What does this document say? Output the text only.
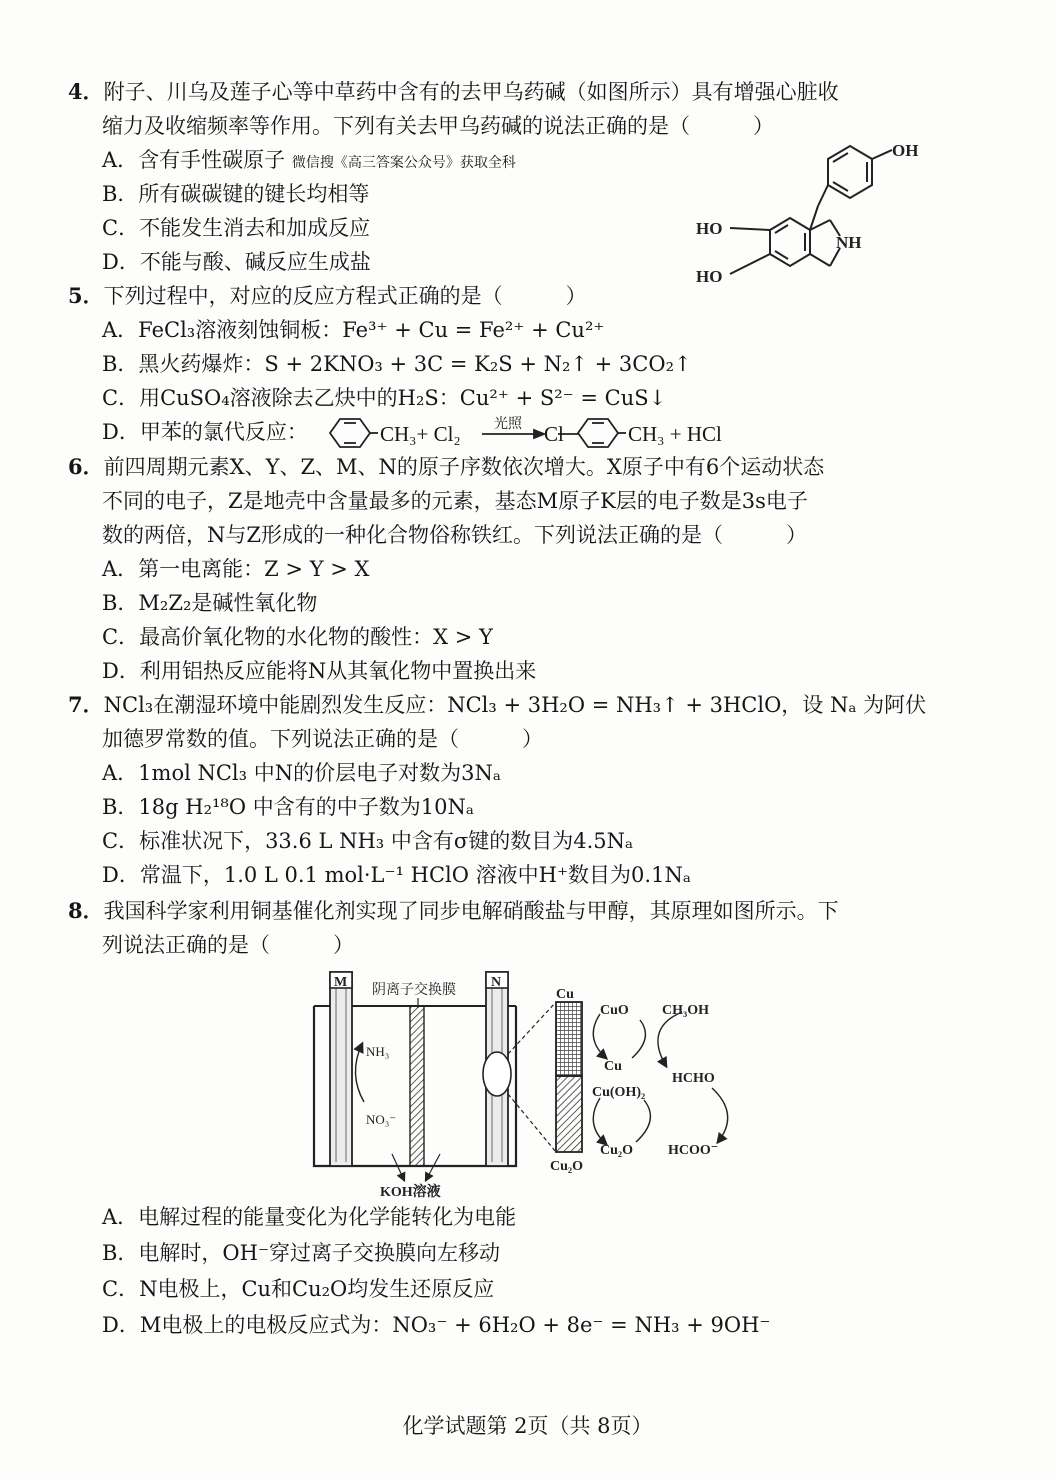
4．附子、川乌及莲子心等中草药中含有的去甲乌药碱（如图所示）具有增强心脏收
缩力及收缩频率等作用。下列有关去甲乌药碱的说法正确的是（　　　）
A．含有手性碳原子 微信搜《高三答案公众号》获取全科
B．所有碳碳键的键长均相等
C．不能发生消去和加成反应
D．不能与酸、碱反应生成盐
OH
HO
NH
HO
5．下列过程中，对应的反应方程式正确的是（　　　）
A．FeCl₃溶液刻蚀铜板：Fe³⁺ + Cu = Fe²⁺ + Cu²⁺
B．黑火药爆炸：S + 2KNO₃ + 3C = K₂S + N₂↑ + 3CO₂↑
C．用CuSO₄溶液除去乙炔中的H₂S：Cu²⁺ + S²⁻ = CuS↓
D．甲苯的氯代反应：	CH₃+ Cl₂ 光照 Cl	CH₃ + HCl
6．前四周期元素X、Y、Z、M、N的原子序数依次增大。X原子中有6个运动状态
不同的电子，Z是地壳中含量最多的元素，基态M原子K层的电子数是3s电子
数的两倍，N与Z形成的一种化合物俗称铁红。下列说法正确的是（　　　）
A．第一电离能：Z > Y > X
B．M₂Z₂是碱性氧化物
C．最高价氧化物的水化物的酸性：X > Y
D．利用铝热反应能将N从其氧化物中置换出来
7．NCl₃在潮湿环境中能剧烈发生反应：NCl₃ + 3H₂O = NH₃↑ + 3HClO，设 Nₐ 为阿伏
加德罗常数的值。下列说法正确的是（　　　）
A．1mol NCl₃ 中N的价层电子对数为3Nₐ
B．18g H₂¹⁸O 中含有的中子数为10Nₐ
C．标准状况下，33.6 L NH₃ 中含有σ键的数目为4.5Nₐ
D．常温下，1.0 L 0.1 mol·L⁻¹ HClO 溶液中H⁺数目为0.1Nₐ
8．我国科学家利用铜基催化剂实现了同步电解硝酸盐与甲醇，其原理如图所示。下
列说法正确的是（　　　）
M
阴离子交换膜
N
NH₃
NO₃⁻
KOH溶液
Cu
Cu₂O
CuO CH₃OH
Cu
HCHO
Cu(OH)₂
Cu₂O	HCOO⁻
A．电解过程的能量变化为化学能转化为电能
B．电解时，OH⁻穿过离子交换膜向左移动
C．N电极上，Cu和Cu₂O均发生还原反应
D．M电极上的电极反应式为：NO₃⁻ + 6H₂O + 8e⁻ = NH₃ + 9OH⁻
化学试题第 2页（共 8页）
